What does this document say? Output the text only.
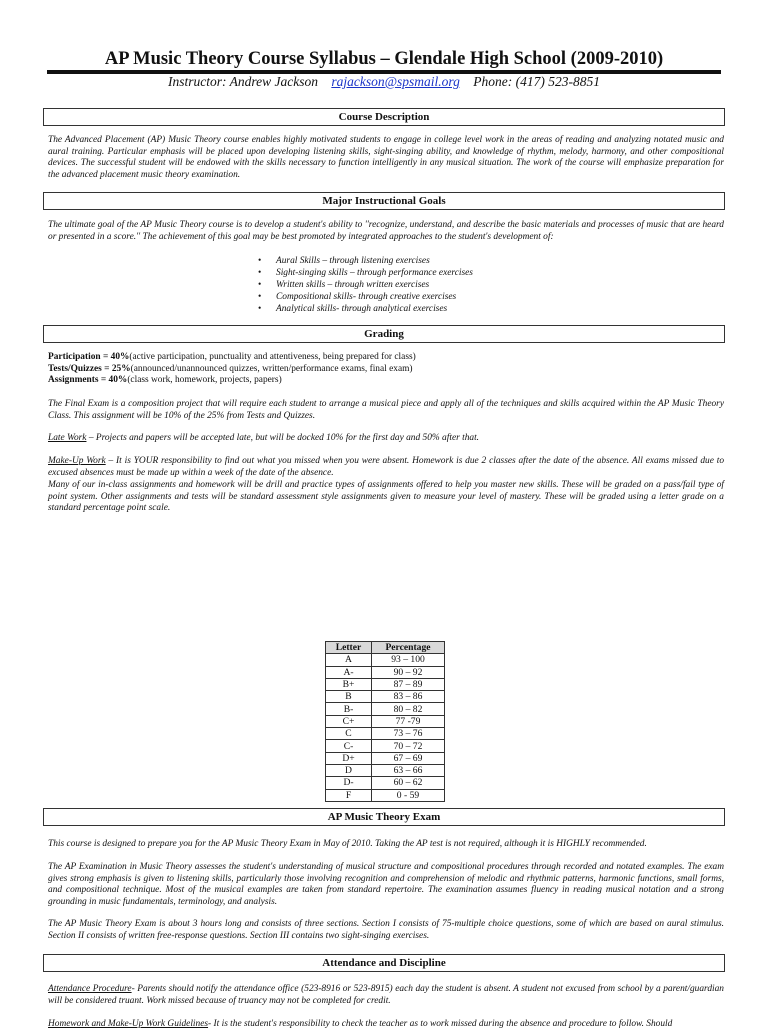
AP Music Theory Course Syllabus – Glendale High School (2009-2010)
Instructor: Andrew Jackson rajackson@spsmail.org Phone: (417) 523-8851
Course Description
The Advanced Placement (AP) Music Theory course enables highly motivated students to engage in college level work in the areas of reading and analyzing notated music and aural training. Particular emphasis will be placed upon developing listening skills, sight-singing ability, and knowledge of rhythm, melody, harmony, and other compositional devices. The successful student will be endowed with the skills necessary to function intelligently in any musical situation. The work of the course will emphasize preparation for the advanced placement music theory examination.
Major Instructional Goals
The ultimate goal of the AP Music Theory course is to develop a student's ability to ''recognize, understand, and describe the basic materials and processes of music that are heard or presented in a score.'' The achievement of this goal may be best promoted by integrated approaches to the student's development of:
• Aural Skills – through listening exercises
• Sight-singing skills – through performance exercises
• Written skills – through written exercises
• Compositional skills- through creative exercises
• Analytical skills- through analytical exercises
Grading
Participation = 40%(active participation, punctuality and attentiveness, being prepared for class)
Tests/Quizzes = 25%(announced/unannounced quizzes, written/performance exams, final exam)
Assignments = 40%(class work, homework, projects, papers)
The Final Exam is a composition project that will require each student to arrange a musical piece and apply all of the techniques and skills acquired within the AP Music Theory Class. This assignment will be 10% of the 25% from Tests and Quizzes.
Late Work – Projects and papers will be accepted late, but will be docked 10% for the first day and 50% after that.
Make-Up Work – It is YOUR responsibility to find out what you missed when you were absent. Homework is due 2 classes after the date of the absence. All exams missed due to excused absences must be made up within a week of the date of the absence.
Many of our in-class assignments and homework will be drill and practice types of assignments offered to help you master new skills. These will be graded on a pass/fail type of point system. Other assignments and tests will be standard assessment style assignments given to measure your level of mastery. These will be graded using a letter grade on a standard percentage point scale.
Letter	Percentage
A	93 – 100
A-	90 – 92
B+	87 – 89
B	83 – 86
B-	80 – 82
C+	77 -79
C	73 – 76
C-	70 – 72
D+	67 – 69
D	63 – 66
D-	60 – 62
F	0 - 59
AP Music Theory Exam
This course is designed to prepare you for the AP Music Theory Exam in May of 2010. Taking the AP test is not required, although it is HIGHLY recommended.
The AP Examination in Music Theory assesses the student's understanding of musical structure and compositional procedures through recorded and notated examples. The exam gives strong emphasis is given to listening skills, particularly those involving recognition and comprehension of melodic and rhythmic patterns, harmonic functions, small forms, and compositional technique. Most of the musical examples are taken from standard repertoire. The examination assumes fluency in reading musical notation and a strong grounding in music fundamentals, terminology, and analysis.
The AP Music Theory Exam is about 3 hours long and consists of three sections. Section I consists of 75-multiple choice questions, some of which are based on aural stimulus. Section II consists of written free-response questions. Section III contains two sight-singing exercises.
Attendance and Discipline
Attendance Procedure- Parents should notify the attendance office (523-8916 or 523-8915) each day the student is absent. A student not excused from school by a parent/guardian will be considered truant. Work missed because of truancy may not be completed for credit.
Homework and Make-Up Work Guidelines- It is the student's responsibility to check the teacher as to work missed during the absence and procedure to follow. Should
